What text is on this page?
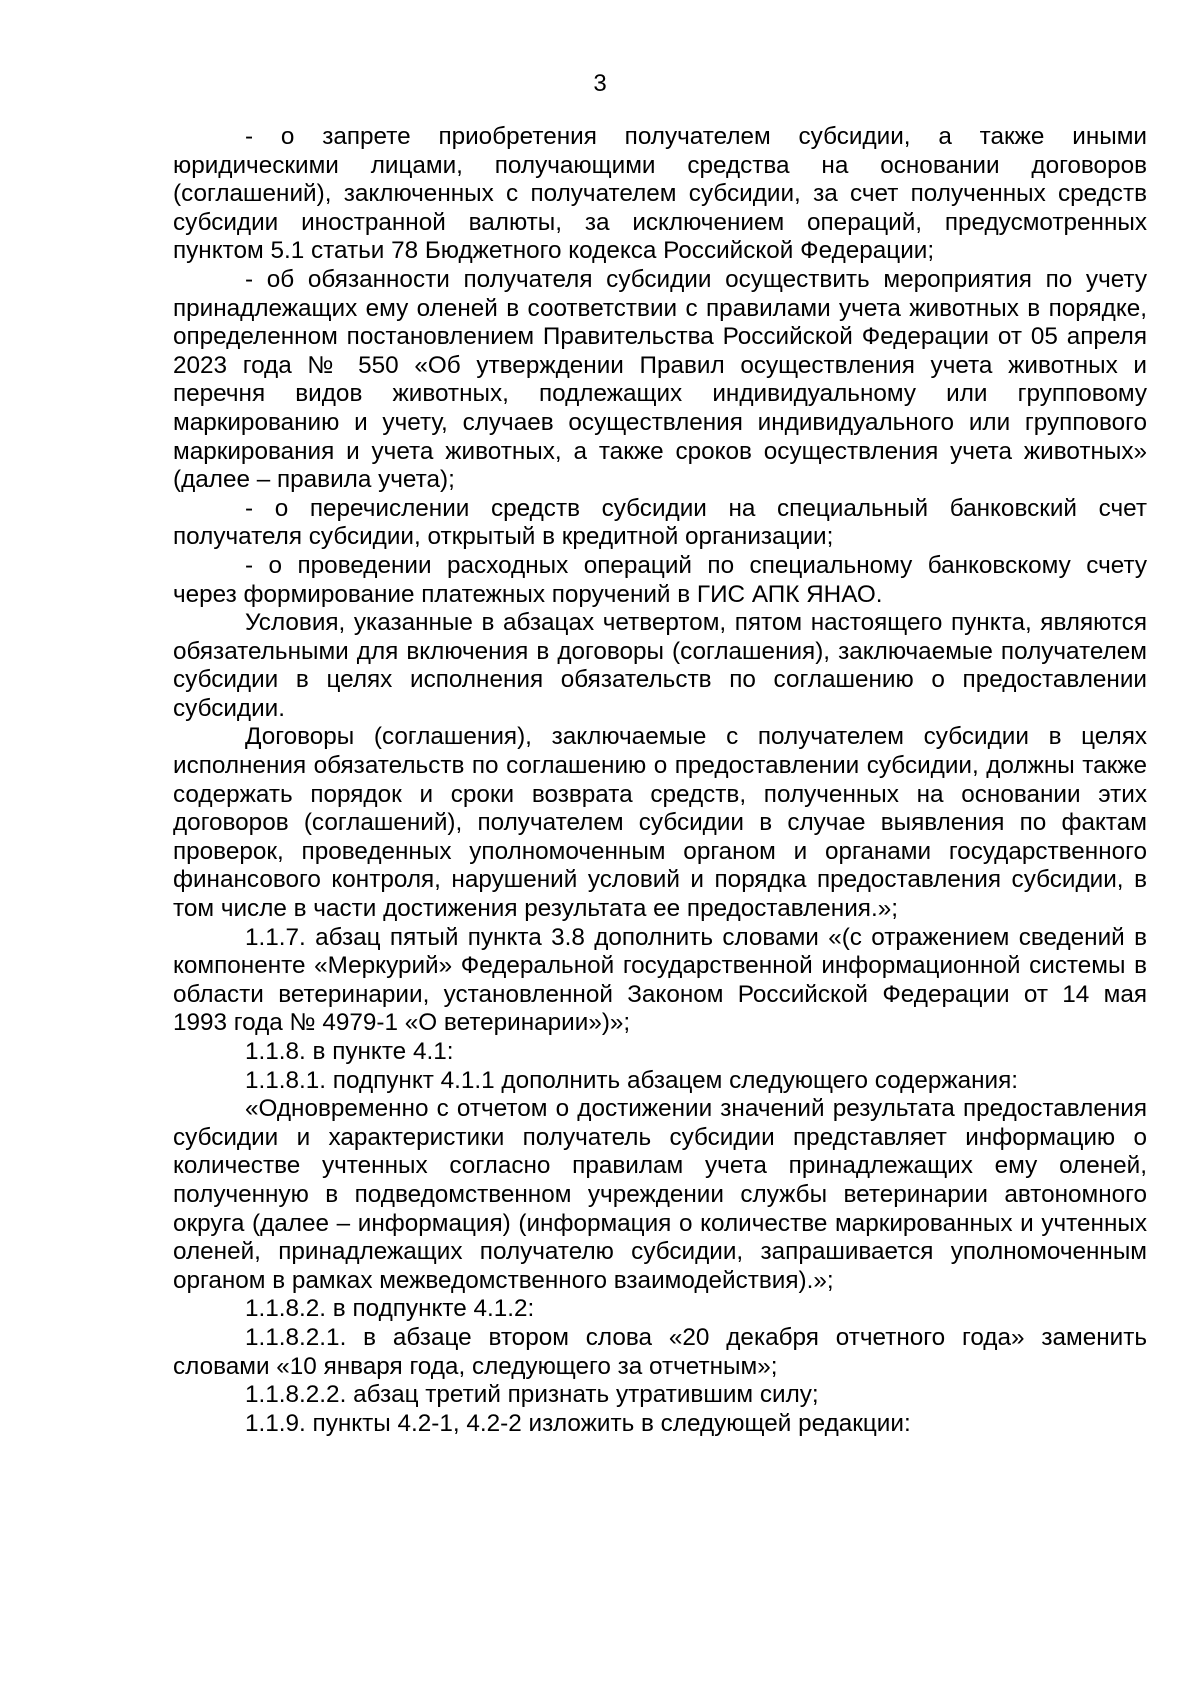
3

- о запрете приобретения получателем субсидии, а также иными юридическими лицами, получающими средства на основании договоров (соглашений), заключенных с получателем субсидии, за счет полученных средств субсидии иностранной валюты, за исключением операций, предусмотренных пунктом 5.1 статьи 78 Бюджетного кодекса Российской Федерации;

- об обязанности получателя субсидии осуществить мероприятия по учету принадлежащих ему оленей в соответствии с правилами учета животных в порядке, определенном постановлением Правительства Российской Федерации от 05 апреля 2023 года № 550 «Об утверждении Правил осуществления учета животных и перечня видов животных, подлежащих индивидуальному или групповому маркированию и учету, случаев осуществления индивидуального или группового маркирования и учета животных, а также сроков осуществления учета животных» (далее – правила учета);

- о перечислении средств субсидии на специальный банковский счет получателя субсидии, открытый в кредитной организации;

- о проведении расходных операций по специальному банковскому счету через формирование платежных поручений в ГИС АПК ЯНАО.

Условия, указанные в абзацах четвертом, пятом настоящего пункта, являются обязательными для включения в договоры (соглашения), заключаемые получателем субсидии в целях исполнения обязательств по соглашению о предоставлении субсидии.

Договоры (соглашения), заключаемые с получателем субсидии в целях исполнения обязательств по соглашению о предоставлении субсидии, должны также содержать порядок и сроки возврата средств, полученных на основании этих договоров (соглашений), получателем субсидии в случае выявления по фактам проверок, проведенных уполномоченным органом и органами государственного финансового контроля, нарушений условий и порядка предоставления субсидии, в том числе в части достижения результата ее предоставления.»;

1.1.7. абзац пятый пункта 3.8 дополнить словами «(с отражением сведений в компоненте «Меркурий» Федеральной государственной информационной системы в области ветеринарии, установленной Законом Российской Федерации от 14 мая 1993 года № 4979-1 «О ветеринарии»)»;

1.1.8. в пункте 4.1:

1.1.8.1. подпункт 4.1.1 дополнить абзацем следующего содержания:

«Одновременно с отчетом о достижении значений результата предоставления субсидии и характеристики получатель субсидии представляет информацию о количестве учтенных согласно правилам учета принадлежащих ему оленей, полученную в подведомственном учреждении службы ветеринарии автономного округа (далее – информация) (информация о количестве маркированных и учтенных оленей, принадлежащих получателю субсидии, запрашивается уполномоченным органом в рамках межведомственного взаимодействия).»;

1.1.8.2. в подпункте 4.1.2:

1.1.8.2.1. в абзаце втором слова «20 декабря отчетного года» заменить словами «10 января года, следующего за отчетным»;

1.1.8.2.2. абзац третий признать утратившим силу;

1.1.9. пункты 4.2-1, 4.2-2 изложить в следующей редакции:
